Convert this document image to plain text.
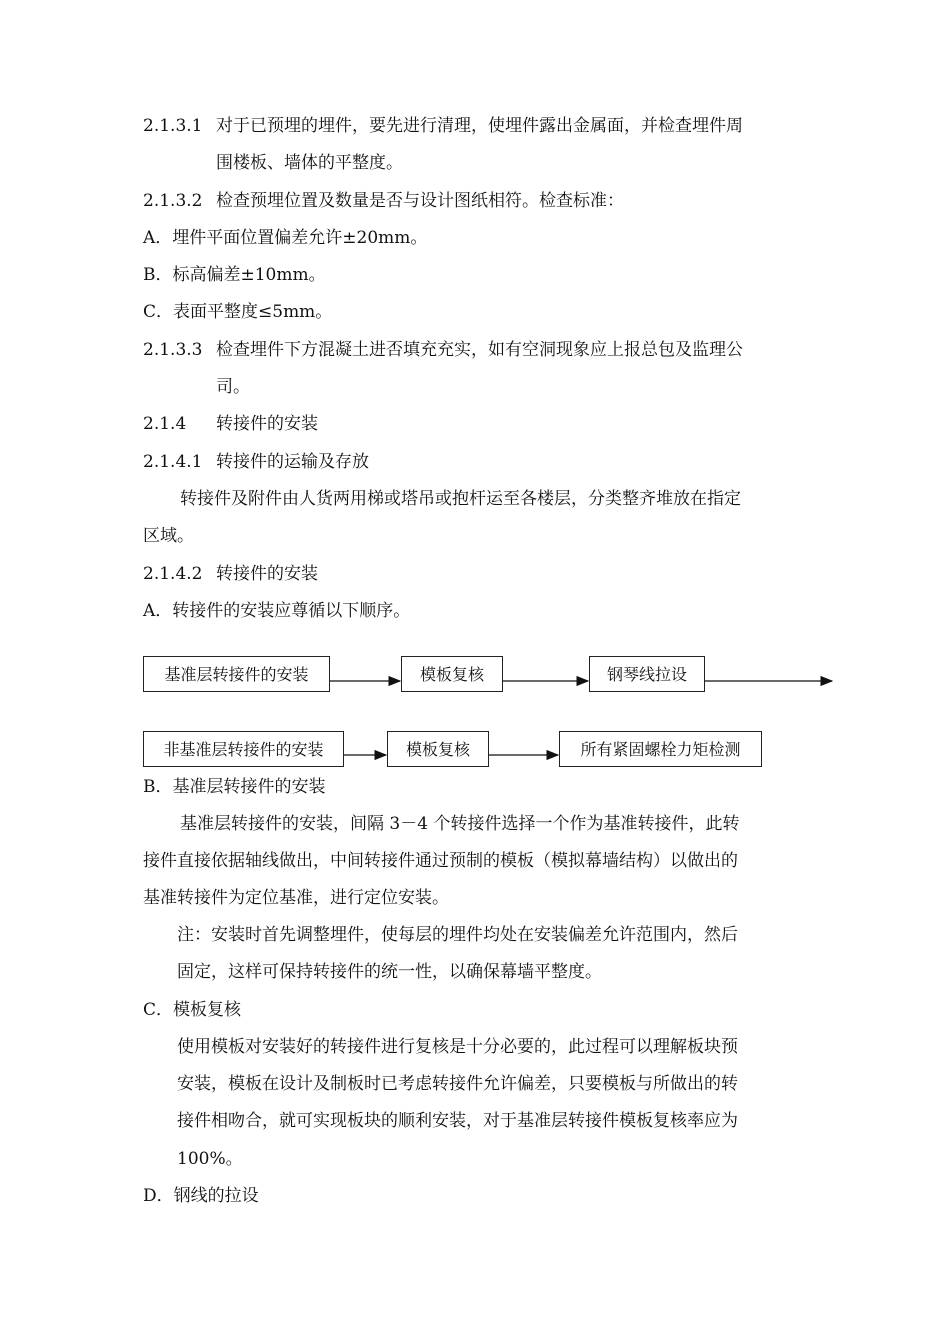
2.1.3.1 对于已预埋的埋件，要先进行清理，使埋件露出金属面，并检查埋件周
围楼板、墙体的平整度。
2.1.3.2 检查预埋位置及数量是否与设计图纸相符。检查标准：
A．埋件平面位置偏差允许±20mm。
B．标高偏差±10mm。
C．表面平整度≤5mm。
2.1.3.3 检查埋件下方混凝土进否填充充实，如有空洞现象应上报总包及监理公
司。
2.1.4 转接件的安装
2.1.4.1 转接件的运输及存放
转接件及附件由人货两用梯或塔吊或抱杆运至各楼层，分类整齐堆放在指定
区域。
2.1.4.2 转接件的安装
A．转接件的安装应尊循以下顺序。
基准层转接件的安装	模板复核	钢琴线拉设
非基准层转接件的安装	模板复核	所有紧固螺栓力矩检测
B．基准层转接件的安装
基准层转接件的安装，间隔 3－4 个转接件选择一个作为基准转接件，此转
接件直接依据轴线做出，中间转接件通过预制的模板（模拟幕墙结构）以做出的
基准转接件为定位基准，进行定位安装。
注：安装时首先调整埋件，使每层的埋件均处在安装偏差允许范围内，然后
固定，这样可保持转接件的统一性，以确保幕墙平整度。
C．模板复核
使用模板对安装好的转接件进行复核是十分必要的，此过程可以理解板块预
安装，模板在设计及制板时已考虑转接件允许偏差，只要模板与所做出的转
接件相吻合，就可实现板块的顺利安装，对于基准层转接件模板复核率应为
100%。
D．钢线的拉设
